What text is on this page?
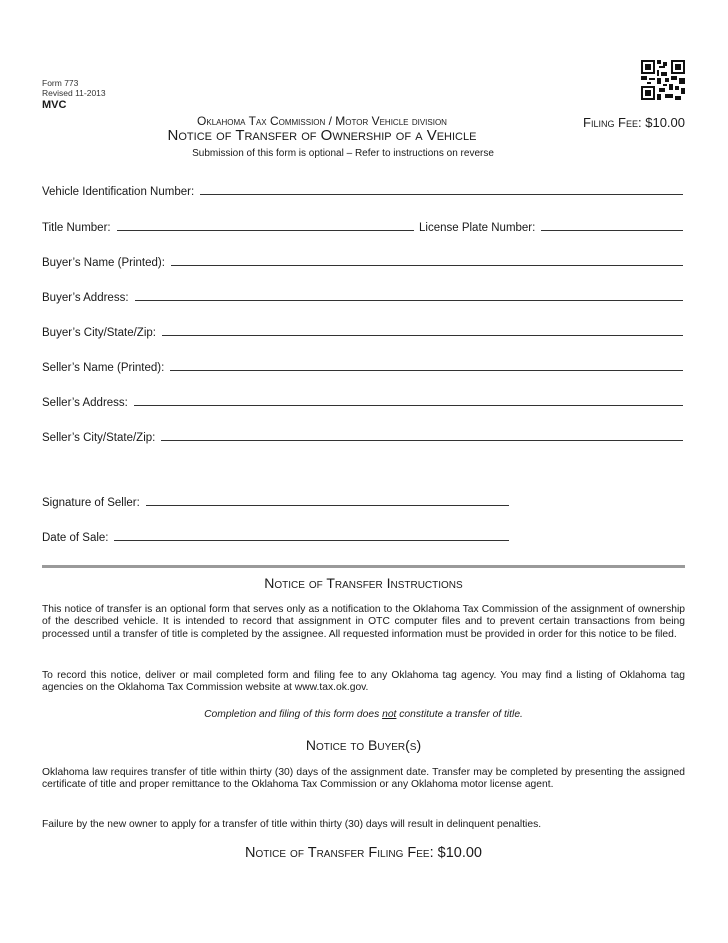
Form 773
Revised 11-2013
MVC
Oklahoma Tax Commission / Motor Vehicle division
Notice of Transfer of Ownership of a Vehicle
Filing Fee: $10.00
Submission of this form is optional – Refer to instructions on reverse
Vehicle Identification Number:
Title Number:	License Plate Number:
Buyer’s Name (Printed):
Buyer’s Address:
Buyer’s City/State/Zip:
Seller’s Name (Printed):
Seller’s Address:
Seller’s City/State/Zip:
Signature of Seller:
Date of Sale:
Notice of Transfer Instructions
This notice of transfer is an optional form that serves only as a notification to the Oklahoma Tax Commission of the assignment of ownership of the described vehicle. It is intended to record that assignment in OTC computer files and to prevent certain transactions from being processed until a transfer of title is completed by the assignee. All requested information must be provided in order for this notice to be filed.
To record this notice, deliver or mail completed form and filing fee to any Oklahoma tag agency. You may find a listing of Oklahoma tag agencies on the Oklahoma Tax Commission website at www.tax.ok.gov.
Completion and filing of this form does not constitute a transfer of title.
Notice to Buyer(s)
Oklahoma law requires transfer of title within thirty (30) days of the assignment date. Transfer may be completed by presenting the assigned certificate of title and proper remittance to the Oklahoma Tax Commission or any Oklahoma motor license agent.
Failure by the new owner to apply for a transfer of title within thirty (30) days will result in delinquent penalties.
Notice of Transfer Filing Fee: $10.00
